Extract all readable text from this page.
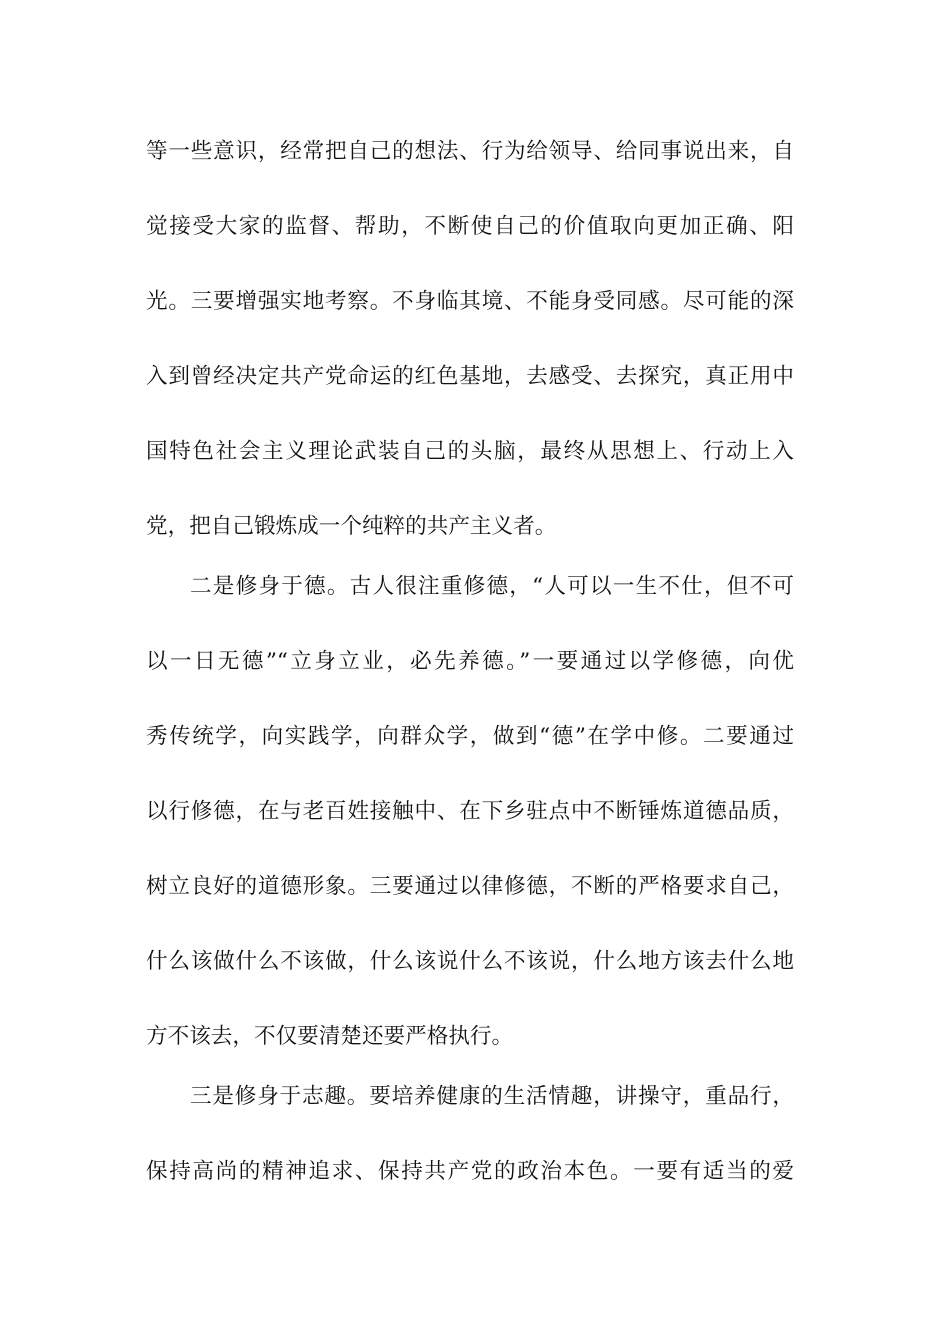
等一些意识，经常把自己的想法、行为给领导、给同事说出来，自
觉接受大家的监督、帮助，不断使自己的价值取向更加正确、阳
光。三要增强实地考察。不身临其境、不能身受同感。尽可能的深
入到曾经决定共产党命运的红色基地，去感受、去探究，真正用中
国特色社会主义理论武装自己的头脑，最终从思想上、行动上入
党，把自己锻炼成一个纯粹的共产主义者。
二是修身于德。古人很注重修德，“人可以一生不仕，但不可
以一日无德”“立身立业，必先养德。”一要通过以学修德，向优
秀传统学，向实践学，向群众学，做到“德”在学中修。二要通过
以行修德，在与老百姓接触中、在下乡驻点中不断锤炼道德品质，
树立良好的道德形象。三要通过以律修德，不断的严格要求自己，
什么该做什么不该做，什么该说什么不该说，什么地方该去什么地
方不该去，不仅要清楚还要严格执行。
三是修身于志趣。要培养健康的生活情趣，讲操守，重品行，
保持高尚的精神追求、保持共产党的政治本色。一要有适当的爱
